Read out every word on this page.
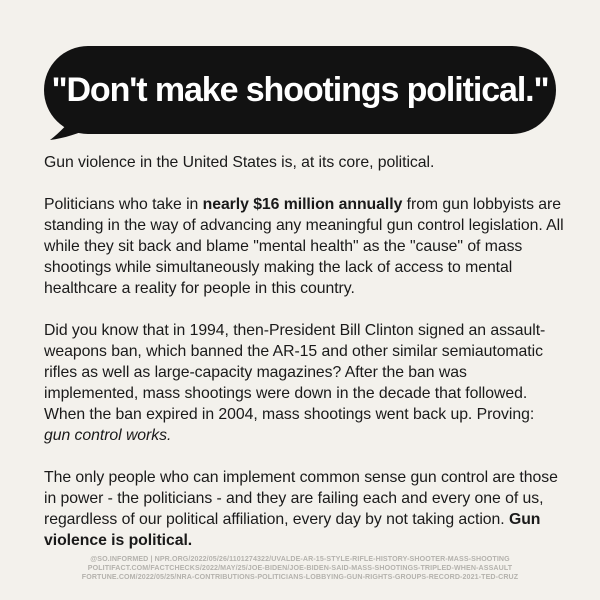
"Don't make shootings political."

Gun violence in the United States is, at its core, political.

Politicians who take in nearly $16 million annually from gun lobbyists are standing in the way of advancing any meaningful gun control legislation. All while they sit back and blame "mental health" as the "cause" of mass shootings while simultaneously making the lack of access to mental healthcare a reality for people in this country.

Did you know that in 1994, then-President Bill Clinton signed an assault-weapons ban, which banned the AR-15 and other similar semiautomatic rifles as well as large-capacity magazines? After the ban was implemented, mass shootings were down in the decade that followed. When the ban expired in 2004, mass shootings went back up. Proving: gun control works.

The only people who can implement common sense gun control are those in power - the politicians - and they are failing each and every one of us, regardless of our political affiliation, every day by not taking action. Gun violence is political.

@SO.INFORMED | NPR.ORG/2022/05/26/1101274322/UVALDE-AR-15-STYLE-RIFLE-HISTORY-SHOOTER-MASS-SHOOTING
POLITIFACT.COM/FACTCHECKS/2022/MAY/25/JOE-BIDEN/JOE-BIDEN-SAID-MASS-SHOOTINGS-TRIPLED-WHEN-ASSAULT
FORTUNE.COM/2022/05/25/NRA-CONTRIBUTIONS-POLITICIANS-LOBBYING-GUN-RIGHTS-GROUPS-RECORD-2021-TED-CRUZ
